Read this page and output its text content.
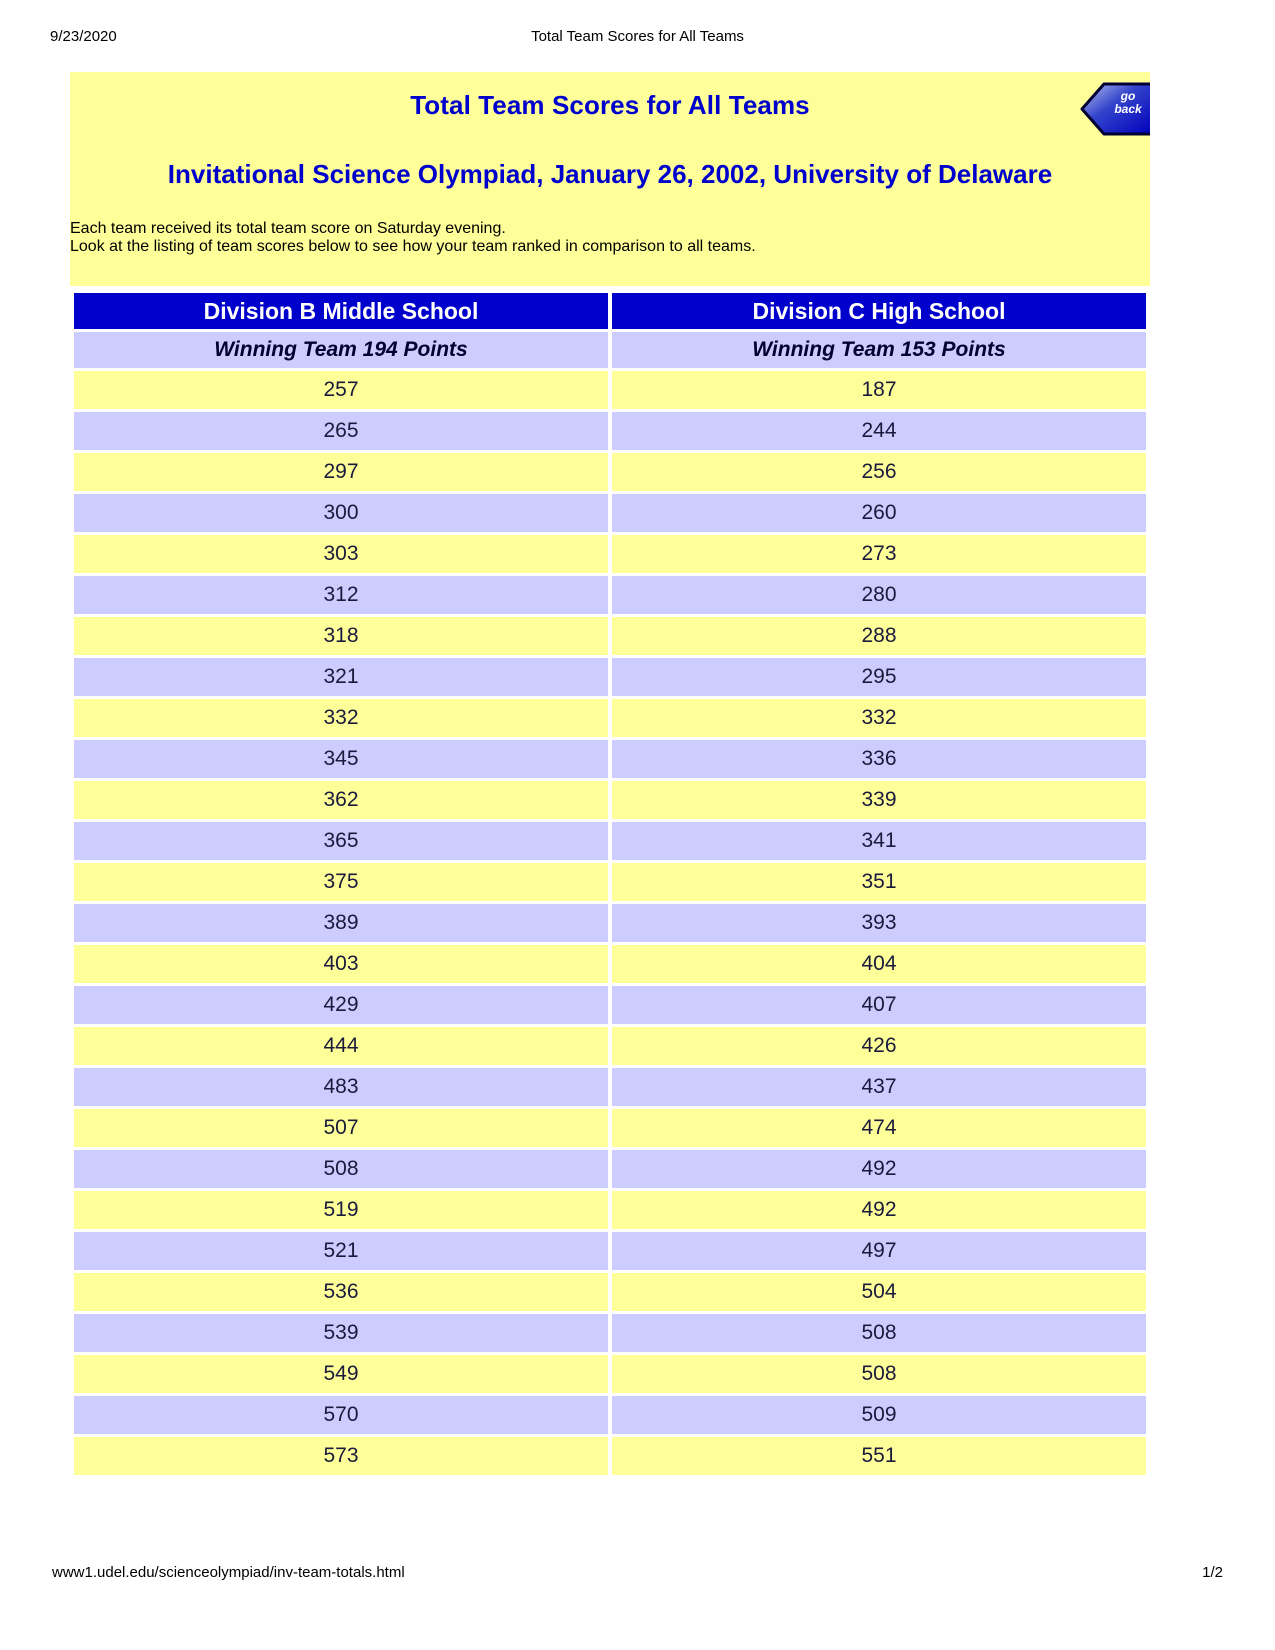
9/23/2020	Total Team Scores for All Teams
go
back
Total Team Scores for All Teams
Invitational Science Olympiad, January 26, 2002, University of Delaware

Each team received its total team score on Saturday evening.
Look at the listing of team scores below to see how your team ranked in comparison to all teams.

Division B Middle School	Division C High School
Winning Team 194 Points	Winning Team 153 Points
257	187
265	244
297	256
300	260
303	273
312	280
318	288
321	295
332	332
345	336
362	339
365	341
375	351
389	393
403	404
429	407
444	426
483	437
507	474
508	492
519	492
521	497
536	504
539	508
549	508
570	509
573	551
www1.udel.edu/scienceolympiad/inv-team-totals.html	1/2
